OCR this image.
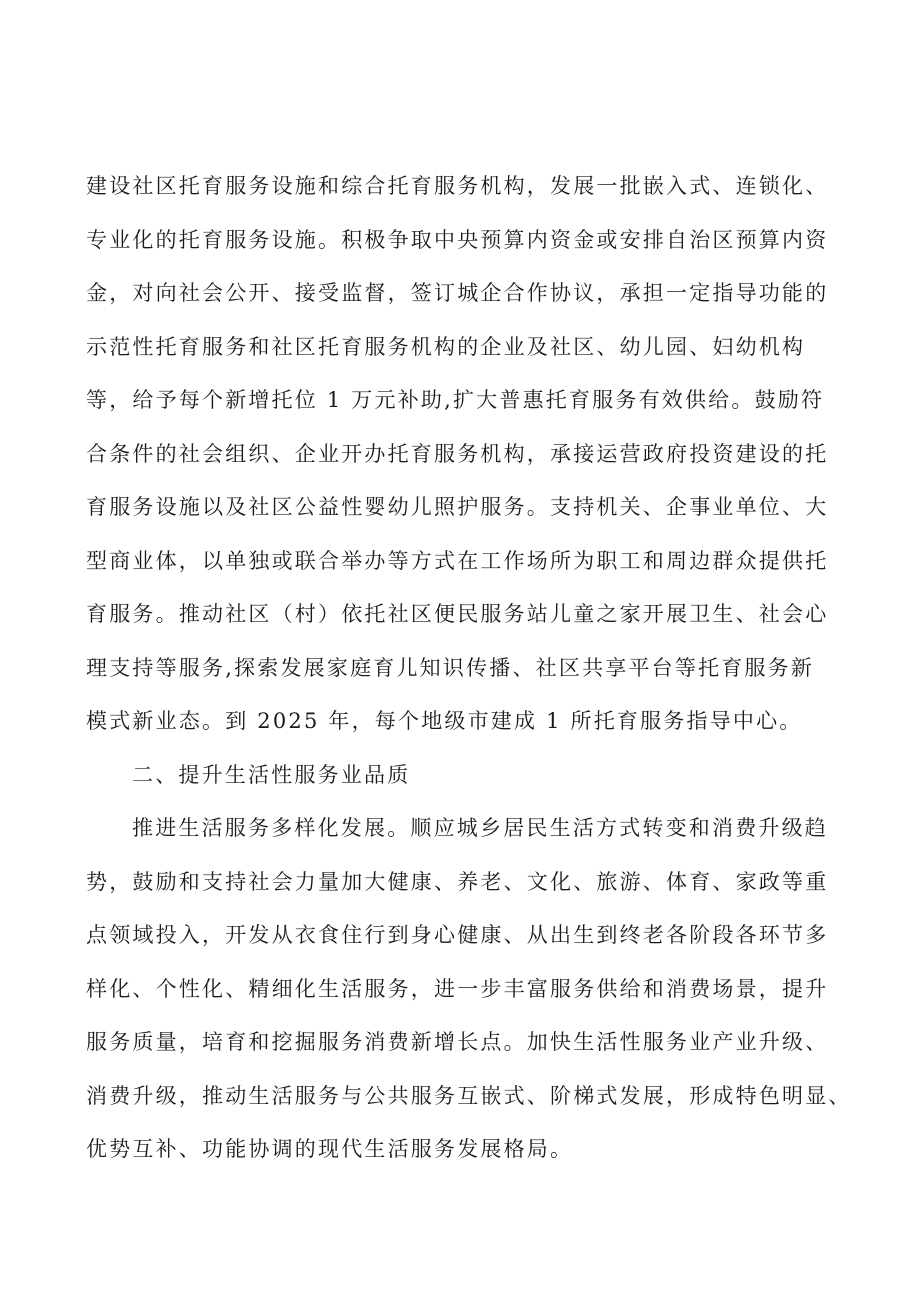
建设社区托育服务设施和综合托育服务机构，发展一批嵌入式、连锁化、
专业化的托育服务设施。积极争取中央预算内资金或安排自治区预算内资
金，对向社会公开、接受监督，签订城企合作协议，承担一定指导功能的
示范性托育服务和社区托育服务机构的企业及社区、幼儿园、妇幼机构
等，给予每个新增托位 1 万元补助,扩大普惠托育服务有效供给。鼓励符
合条件的社会组织、企业开办托育服务机构，承接运营政府投资建设的托
育服务设施以及社区公益性婴幼儿照护服务。支持机关、企事业单位、大
型商业体，以单独或联合举办等方式在工作场所为职工和周边群众提供托
育服务。推动社区（村）依托社区便民服务站儿童之家开展卫生、社会心
理支持等服务,探索发展家庭育儿知识传播、社区共享平台等托育服务新
模式新业态。到 2025 年，每个地级市建成 1 所托育服务指导中心。
二、提升生活性服务业品质
推进生活服务多样化发展。顺应城乡居民生活方式转变和消费升级趋
势，鼓励和支持社会力量加大健康、养老、文化、旅游、体育、家政等重
点领域投入，开发从衣食住行到身心健康、从出生到终老各阶段各环节多
样化、个性化、精细化生活服务，进一步丰富服务供给和消费场景，提升
服务质量，培育和挖掘服务消费新增长点。加快生活性服务业产业升级、
消费升级，推动生活服务与公共服务互嵌式、阶梯式发展，形成特色明显、
优势互补、功能协调的现代生活服务发展格局。
